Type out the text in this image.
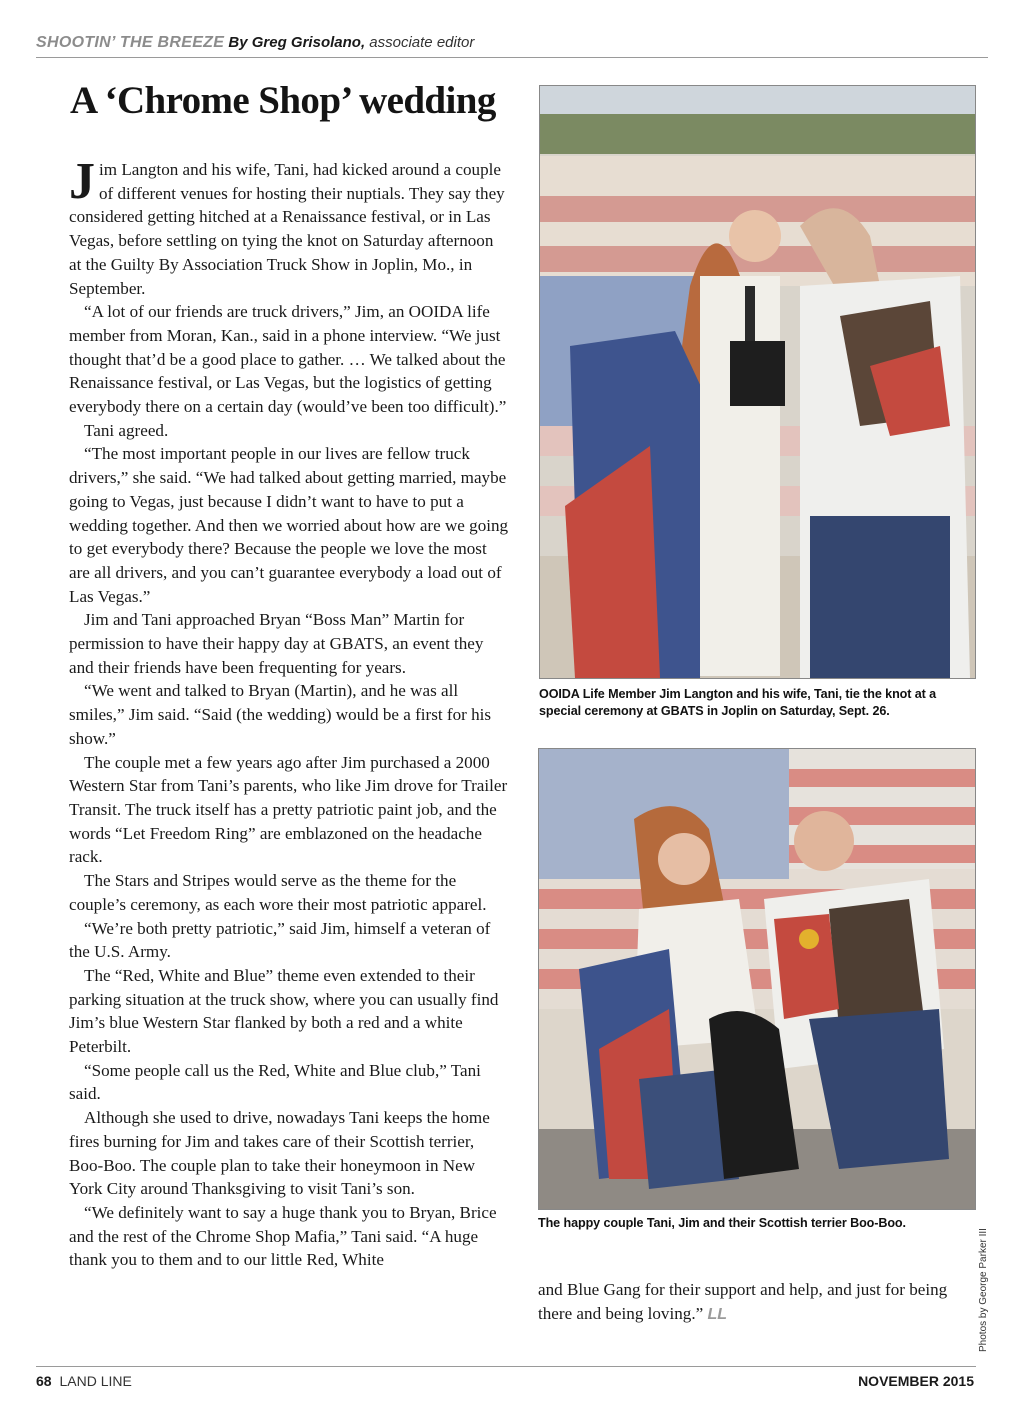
SHOOTIN’ THE BREEZE By Greg Grisolano, associate editor
A ‘Chrome Shop’ wedding

Jim Langton and his wife, Tani, had kicked around a couple of different venues for hosting their nuptials. They say they considered getting hitched at a Renaissance festival, or in Las Vegas, before settling on tying the knot on Saturday afternoon at the Guilty By Association Truck Show in Joplin, Mo., in September.

“A lot of our friends are truck drivers,” Jim, an OOIDA life member from Moran, Kan., said in a phone interview. “We just thought that’d be a good place to gather. … We talked about the Renaissance festival, or Las Vegas, but the logistics of getting everybody there on a certain day (would’ve been too difficult).”

Tani agreed.

“The most important people in our lives are fellow truck drivers,” she said. “We had talked about getting married, maybe going to Vegas, just because I didn’t want to have to put a wedding together. And then we worried about how are we going to get everybody there? Because the people we love the most are all drivers, and you can’t guarantee everybody a load out of Las Vegas.”

Jim and Tani approached Bryan “Boss Man” Martin for permission to have their happy day at GBATS, an event they and their friends have been frequenting for years.

“We went and talked to Bryan (Martin), and he was all smiles,” Jim said. “Said (the wedding) would be a first for his show.”

The couple met a few years ago after Jim purchased a 2000 Western Star from Tani’s parents, who like Jim drove for Trailer Transit. The truck itself has a pretty patriotic paint job, and the words “Let Freedom Ring” are emblazoned on the headache rack.

The Stars and Stripes would serve as the theme for the couple’s ceremony, as each wore their most patriotic apparel.

“We’re both pretty patriotic,” said Jim, himself a veteran of the U.S. Army.

The “Red, White and Blue” theme even extended to their parking situation at the truck show, where you can usually find Jim’s blue Western Star flanked by both a red and a white Peterbilt.

“Some people call us the Red, White and Blue club,” Tani said.

Although she used to drive, nowadays Tani keeps the home fires burning for Jim and takes care of their Scottish terrier, Boo-Boo. The couple plan to take their honeymoon in New York City around Thanksgiving to visit Tani’s son.

“We definitely want to say a huge thank you to Bryan, Brice and the rest of the Chrome Shop Mafia,” Tani said. “A huge thank you to them and to our little Red, White

OOIDA Life Member Jim Langton and his wife, Tani, tie the knot at a special ceremony at GBATS in Joplin on Saturday, Sept. 26.
The happy couple Tani, Jim and their Scottish terrier Boo-Boo.
Photos by George Parker III
and Blue Gang for their support and help, and just for being there and being loving.” LL
68 LAND LINE	NOVEMBER 2015
